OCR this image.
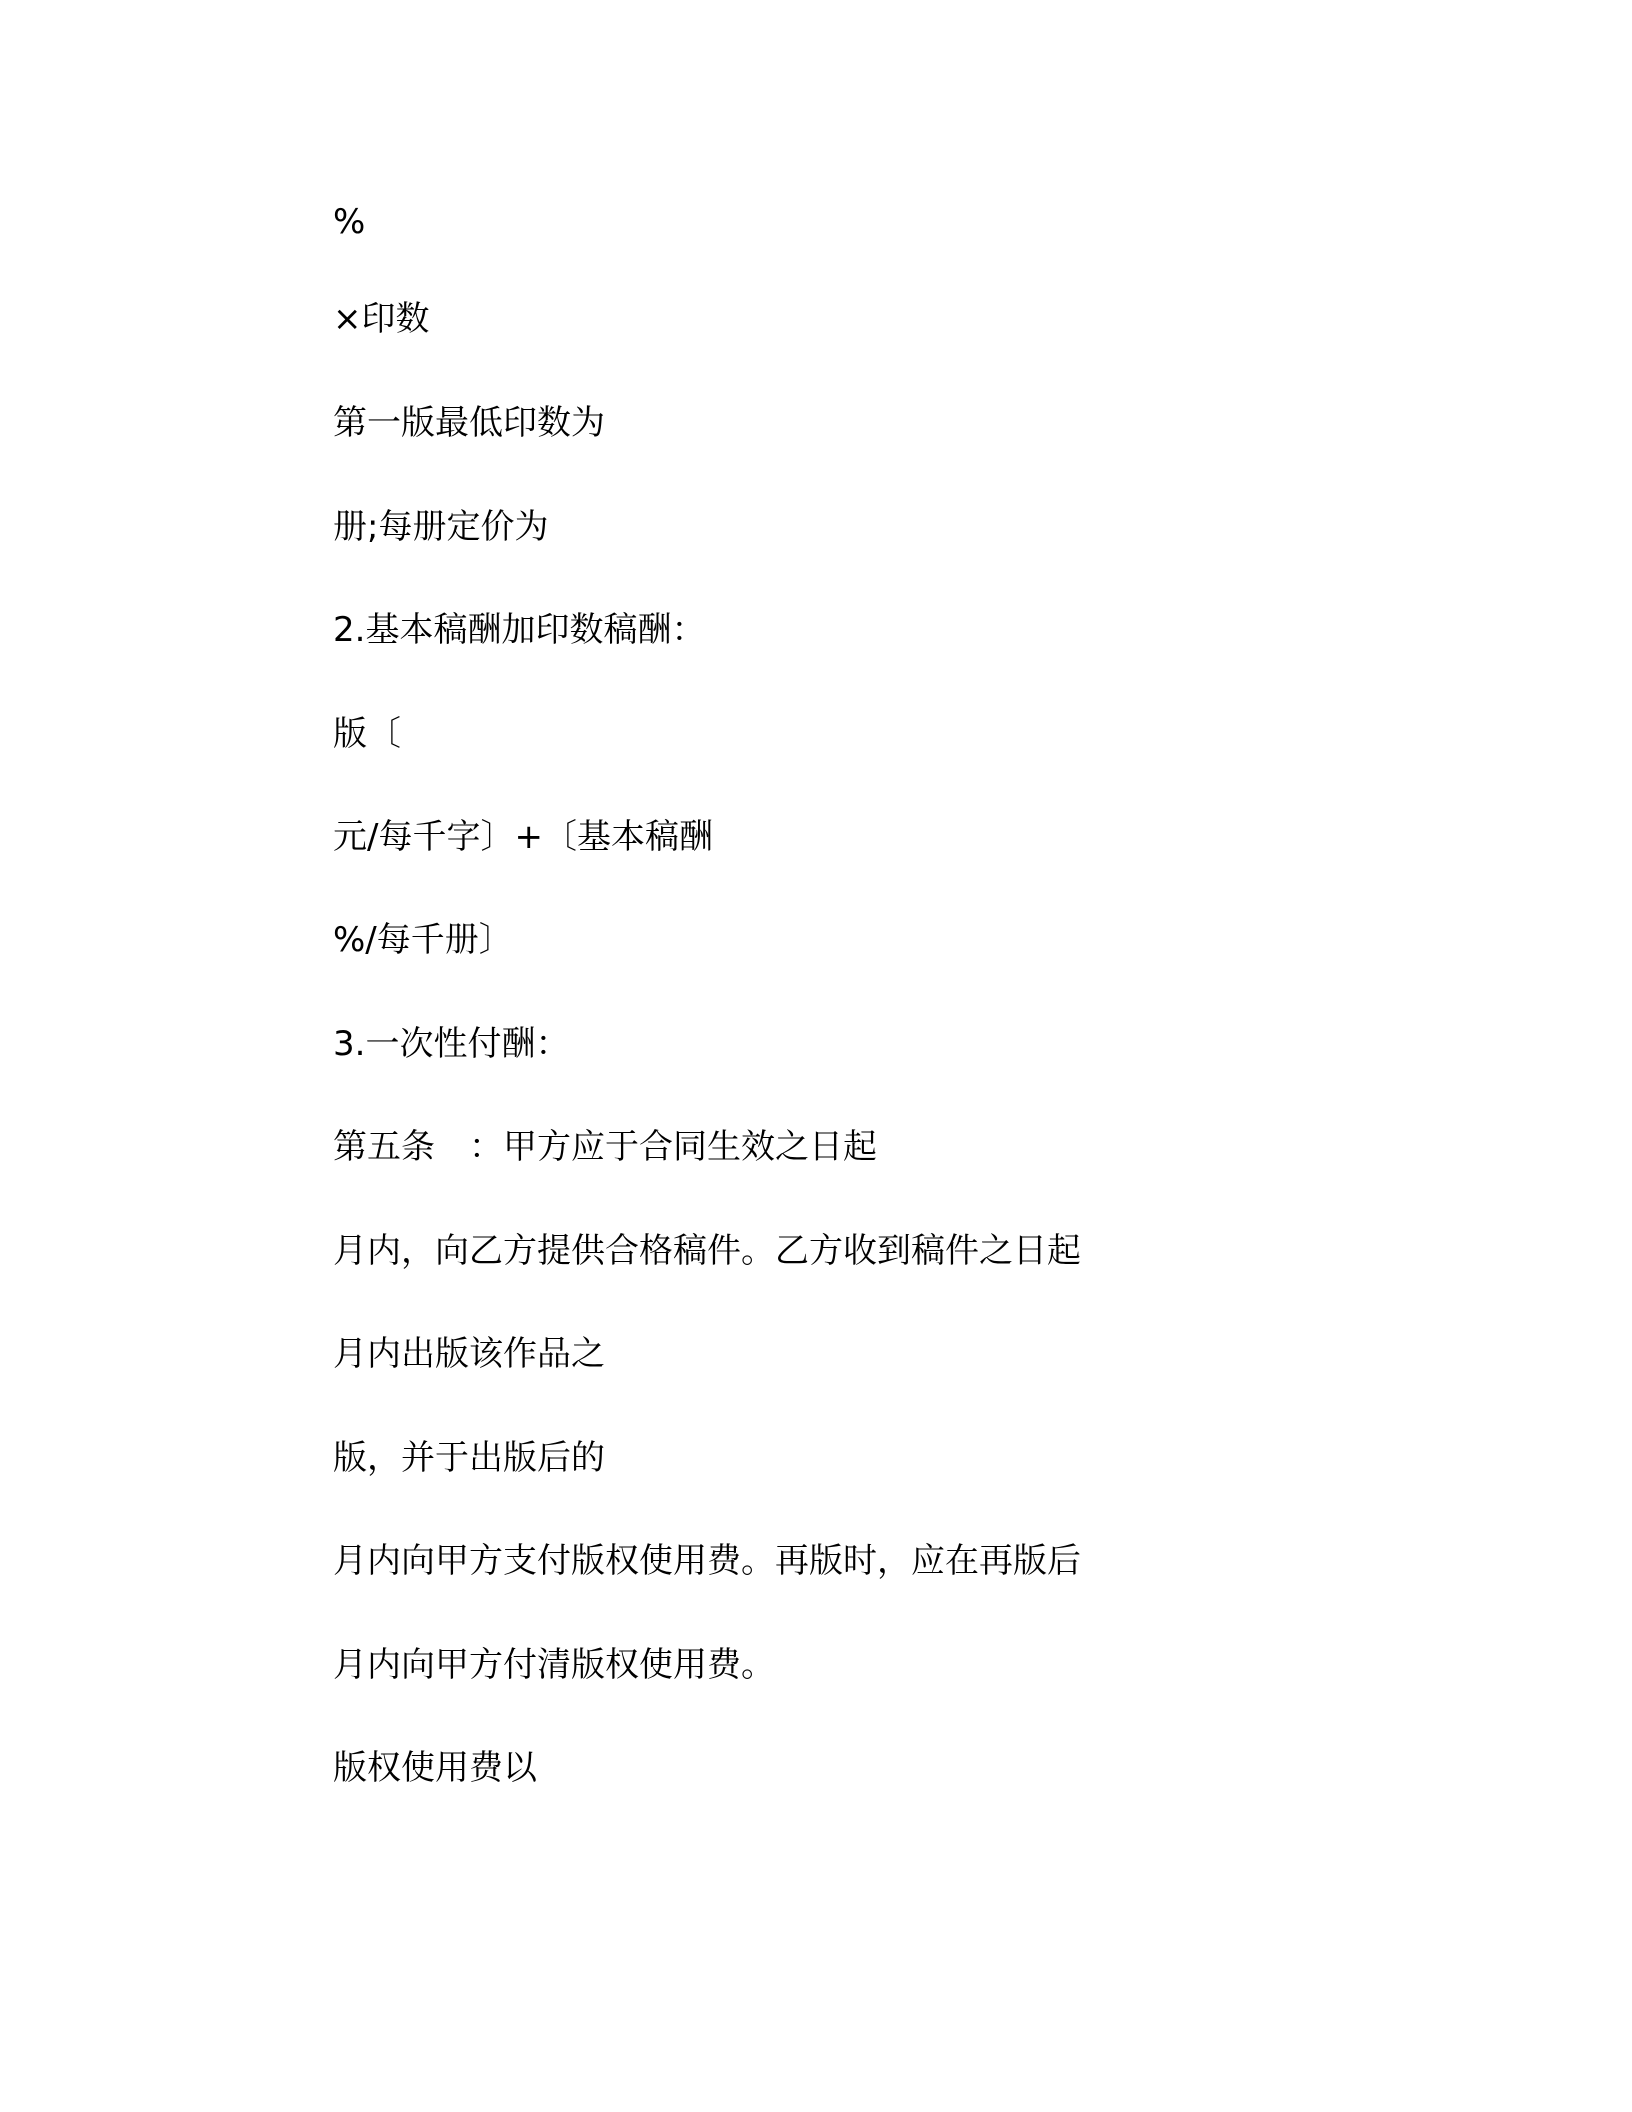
%
×印数
第一版最低印数为
册;每册定价为
2.基本稿酬加印数稿酬：
版〔
元/每千字〕+〔基本稿酬
%/每千册〕
3.一次性付酬：
第五条　：甲方应于合同生效之日起
月内，向乙方提供合格稿件。乙方收到稿件之日起
月内出版该作品之
版，并于出版后的
月内向甲方支付版权使用费。再版时，应在再版后
月内向甲方付清版权使用费。
版权使用费以
